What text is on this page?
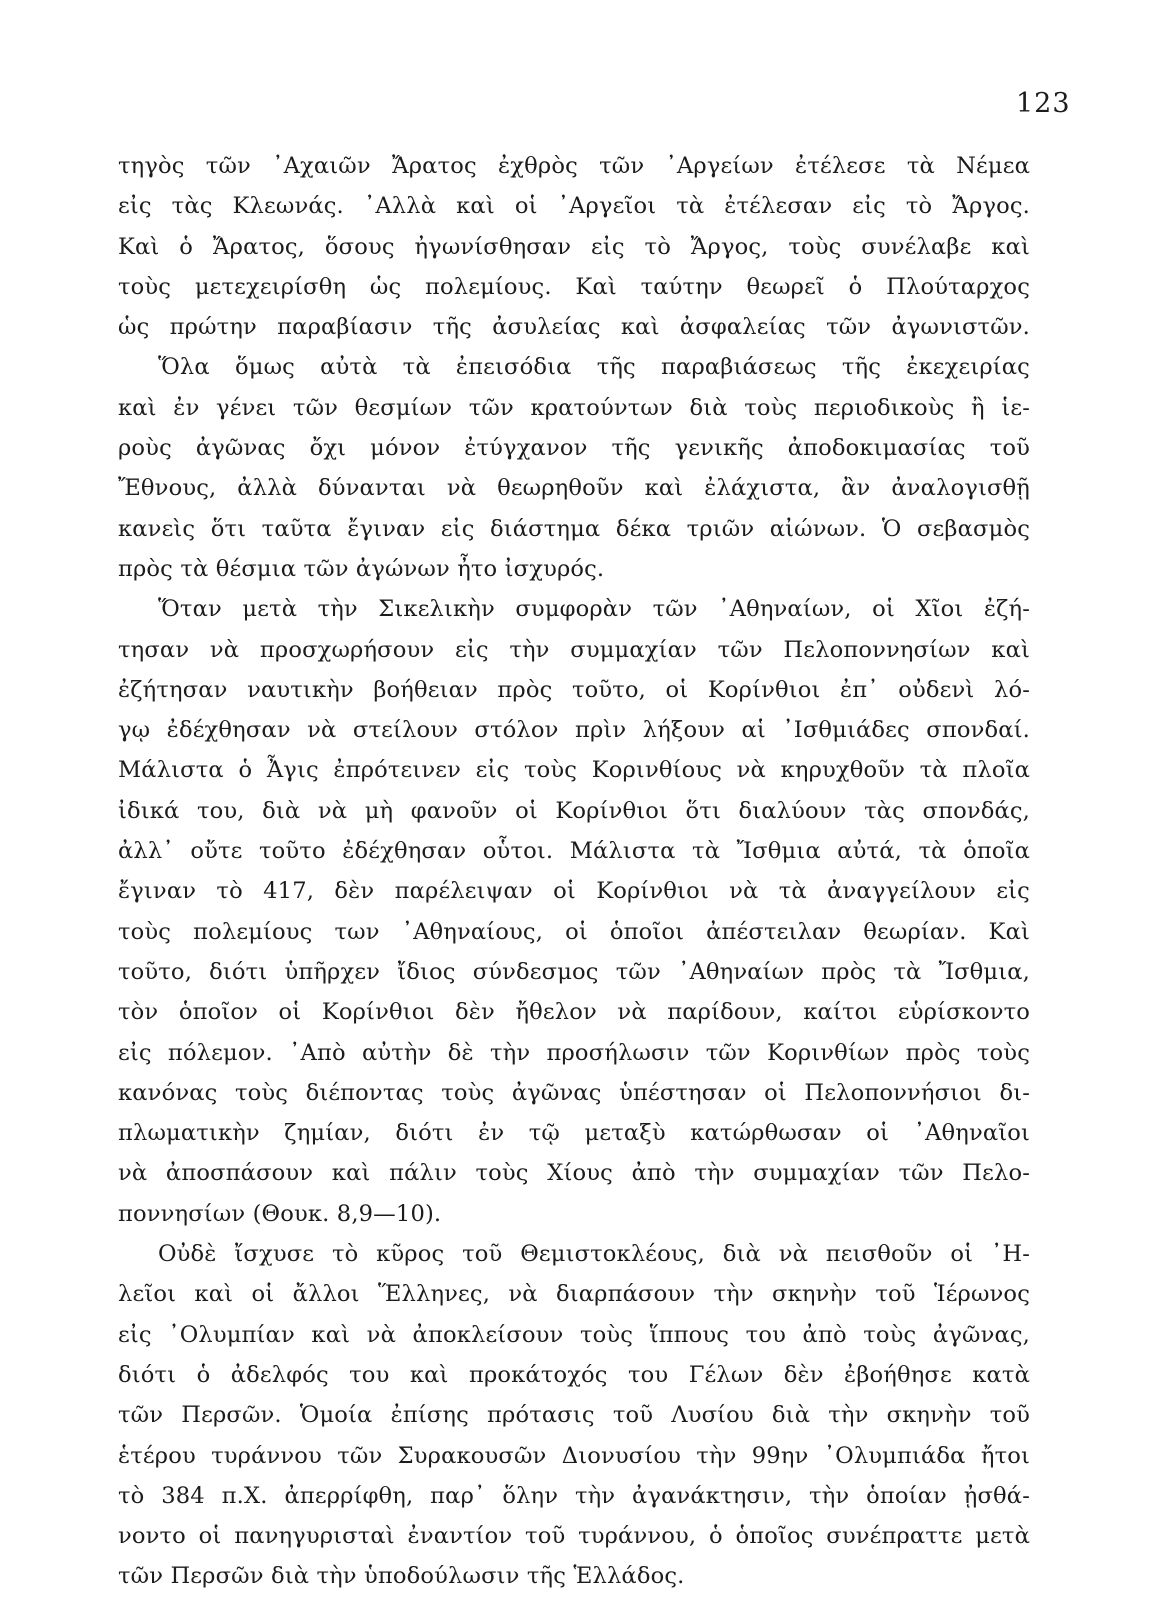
123
τηγὸς τῶν ᾿Αχαιῶν Ἄρατος ἐχθρὸς τῶν ᾿Αργείων ἐτέλεσε τὰ Νέμεα
εἰς τὰς Κλεωνάς. ᾿Αλλὰ καὶ οἱ ᾿Αργεῖοι τὰ ἐτέλεσαν εἰς τὸ Ἄργος.
Καὶ ὁ Ἄρατος, ὅσους ἠγωνίσθησαν εἰς τὸ Ἄργος, τοὺς συνέλαβε καὶ
τοὺς μετεχειρίσθη ὡς πολεμίους. Καὶ ταύτην θεωρεῖ ὁ Πλούταρχος
ὡς πρώτην παραβίασιν τῆς ἀσυλείας καὶ ἀσφαλείας τῶν ἀγωνιστῶν.
Ὅλα ὅμως αὐτὰ τὰ ἐπεισόδια τῆς παραβιάσεως τῆς ἐκεχειρίας
καὶ ἐν γένει τῶν θεσμίων τῶν κρατούντων διὰ τοὺς περιοδικοὺς ἢ ἱε-
ροὺς ἀγῶνας ὄχι μόνον ἐτύγχανον τῆς γενικῆς ἀποδοκιμασίας τοῦ
Ἔθνους, ἀλλὰ δύνανται νὰ θεωρηθοῦν καὶ ἐλάχιστα, ἂν ἀναλογισθῇ
κανεὶς ὅτι ταῦτα ἔγιναν εἰς διάστημα δέκα τριῶν αἰώνων. Ὁ σεβασμὸς
πρὸς τὰ θέσμια τῶν ἀγώνων ἦτο ἰσχυρός.
Ὅταν μετὰ τὴν Σικελικὴν συμφορὰν τῶν ᾿Αθηναίων, οἱ Χῖοι ἐζή-
τησαν νὰ προσχωρήσουν εἰς τὴν συμμαχίαν τῶν Πελοποννησίων καὶ
ἐζήτησαν ναυτικὴν βοήθειαν πρὸς τοῦτο, οἱ Κορίνθιοι ἐπ᾿ οὐδενὶ λό-
γῳ ἐδέχθησαν νὰ στείλουν στόλον πρὶν λήξουν αἱ ᾿Ισθμιάδες σπονδαί.
Μάλιστα ὁ Ἆγις ἐπρότεινεν εἰς τοὺς Κορινθίους νὰ κηρυχθοῦν τὰ πλοῖα
ἰδικά του, διὰ νὰ μὴ φανοῦν οἱ Κορίνθιοι ὅτι διαλύουν τὰς σπονδάς,
ἀλλ᾿ οὔτε τοῦτο ἐδέχθησαν οὗτοι. Μάλιστα τὰ Ἴσθμια αὐτά, τὰ ὁποῖα
ἔγιναν τὸ 417, δὲν παρέλειψαν οἱ Κορίνθιοι νὰ τὰ ἀναγγείλουν εἰς
τοὺς πολεμίους των ᾿Αθηναίους, οἱ ὁποῖοι ἀπέστειλαν θεωρίαν. Καὶ
τοῦτο, διότι ὑπῆρχεν ἴδιος σύνδεσμος τῶν ᾿Αθηναίων πρὸς τὰ Ἴσθμια,
τὸν ὁποῖον οἱ Κορίνθιοι δὲν ἤθελον νὰ παρίδουν, καίτοι εὑρίσκοντο
εἰς πόλεμον. ᾿Απὸ αὐτὴν δὲ τὴν προσήλωσιν τῶν Κορινθίων πρὸς τοὺς
κανόνας τοὺς διέποντας τοὺς ἀγῶνας ὑπέστησαν οἱ Πελοποννήσιοι δι-
πλωματικὴν ζημίαν, διότι ἐν τῷ μεταξὺ κατώρθωσαν οἱ ᾿Αθηναῖοι
νὰ ἀποσπάσουν καὶ πάλιν τοὺς Χίους ἀπὸ τὴν συμμαχίαν τῶν Πελο-
ποννησίων (Θουκ. 8,9—10).
Οὐδὲ ἴσχυσε τὸ κῦρος τοῦ Θεμιστοκλέους, διὰ νὰ πεισθοῦν οἱ ᾿Η-
λεῖοι καὶ οἱ ἄλλοι Ἕλληνες, νὰ διαρπάσουν τὴν σκηνὴν τοῦ Ἱέρωνος
εἰς ᾿Ολυμπίαν καὶ νὰ ἀποκλείσουν τοὺς ἵππους του ἀπὸ τοὺς ἀγῶνας,
διότι ὁ ἀδελφός του καὶ προκάτοχός του Γέλων δὲν ἐβοήθησε κατὰ
τῶν Περσῶν. Ὁμοία ἐπίσης πρότασις τοῦ Λυσίου διὰ τὴν σκηνὴν τοῦ
ἑτέρου τυράννου τῶν Συρακουσῶν Διονυσίου τὴν 99ην ᾿Ολυμπιάδα ἤτοι
τὸ 384 π.Χ. ἀπερρίφθη, παρ᾿ ὅλην τὴν ἀγανάκτησιν, τὴν ὁποίαν ᾐσθά-
νοντο οἱ πανηγυρισταὶ ἐναντίον τοῦ τυράννου, ὁ ὁποῖος συνέπραττε μετὰ
τῶν Περσῶν διὰ τὴν ὑποδούλωσιν τῆς Ἑλλάδος.
